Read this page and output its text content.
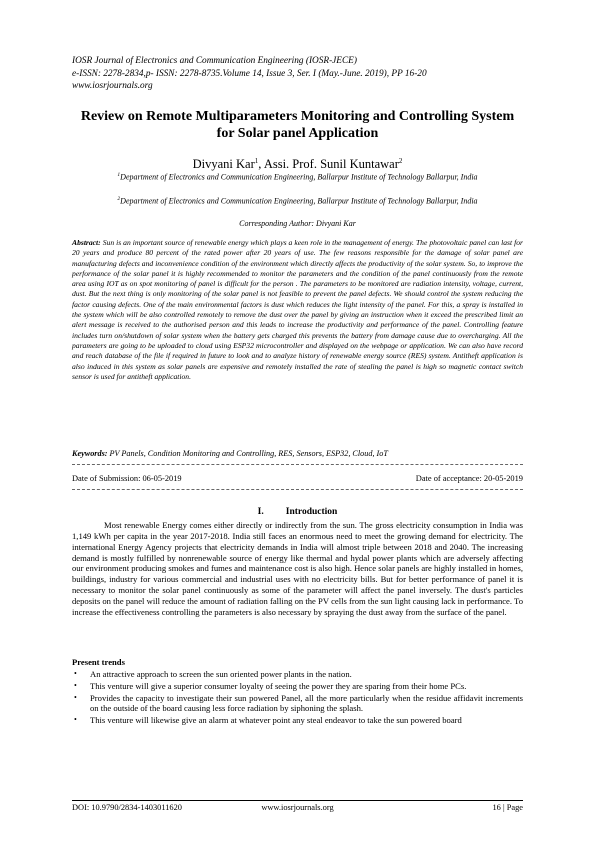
IOSR Journal of Electronics and Communication Engineering (IOSR-JECE)
e-ISSN: 2278-2834,p- ISSN: 2278-8735.Volume 14, Issue 3, Ser. I (May.-June. 2019), PP 16-20
www.iosrjournals.org
Review on Remote Multiparameters Monitoring and Controlling System for Solar panel Application
Divyani Kar$^1$, Assi. Prof. Sunil Kuntawar$^2$
$^1$Department of Electronics and Communication Engineering, Ballarpur Institute of Technology Ballarpur, India
$^2$Department of Electronics and Communication Engineering, Ballarpur Institute of Technology Ballarpur, India
Corresponding Author: Divyani Kar
Abstract: Sun is an important source of renewable energy which plays a keen role in the management of energy. The photovoltaic panel can last for 20 years and produce 80 percent of the rated power after 20 years of use. The few reasons responsible for the damage of solar panel are manufacturing defects and inconvenience condition of the environment which directly affects the productivity of the solar system. So, to improve the performance of the solar panel it is highly recommended to monitor the parameters and the condition of the panel continuously from the remote area using IOT as on spot monitoring of panel is difficult for the person . The parameters to be monitored are radiation intensity, voltage, current, dust. But the next thing is only monitoring of the solar panel is not feasible to prevent the panel defects. We should control the system reducing the factor causing defects. One of the main environmental factors is dust which reduces the light intensity of the panel. For this, a spray is installed in the system which will be also controlled remotely to remove the dust over the panel by giving an instruction when it exceed the prescribed limit an alert message is received to the authorised person and this leads to increase the productivity and performance of the panel. Controlling feature includes turn on/shutdown of solar system when the battery gets charged this prevents the battery from damage cause due to overcharging. All the parameters are going to be uploaded to cloud using ESP32 microcontroller and displayed on the webpage or application. We can also have record and reach database of the file if required in future to look and to analyze history of renewable energy source (RES) system. Antitheft application is also induced in this system as solar panels are expensive and remotely installed the rate of stealing the panel is high so magnetic contact switch sensor is used for antitheft application.
Keywords: PV Panels, Condition Monitoring and Controlling, RES, Sensors, ESP32, Cloud, IoT
Date of Submission: 06-05-2019	Date of acceptance: 20-05-2019
I. Introduction
Most renewable Energy comes either directly or indirectly from the sun. The gross electricity consumption in India was 1,149 kWh per capita in the year 2017-2018. India still faces an enormous need to meet the growing demand for electricity. The international Energy Agency projects that electricity demands in India will almost triple between 2018 and 2040. The increasing demand is mostly fulfilled by nonrenewable source of energy like thermal and hydal power plants which are adversely affecting our environment producing smokes and fumes and maintenance cost is also high. Hence solar panels are highly installed in homes, buildings, industry for various commercial and industrial uses with no electricity bills. But for better performance of panel it is necessary to monitor the solar panel continuously as some of the parameter will affect the panel inversely. The dust's particles deposits on the panel will reduce the amount of radiation falling on the PV cells from the sun light causing lack in performance. To increase the effectiveness controlling the parameters is also necessary by spraying the dust away from the surface of the panel.
Present trends
• An attractive approach to screen the sun oriented power plants in the nation.
• This venture will give a superior consumer loyalty of seeing the power they are sparing from their home PCs.
• Provides the capacity to investigate their sun powered Panel, all the more particularly when the residue affidavit increments on the outside of the board causing less force radiation by siphoning the splash.
• This venture will likewise give an alarm at whatever point any steal endeavor to take the sun powered board
DOI: 10.9790/2834-1403011620	www.iosrjournals.org	16 | Page
